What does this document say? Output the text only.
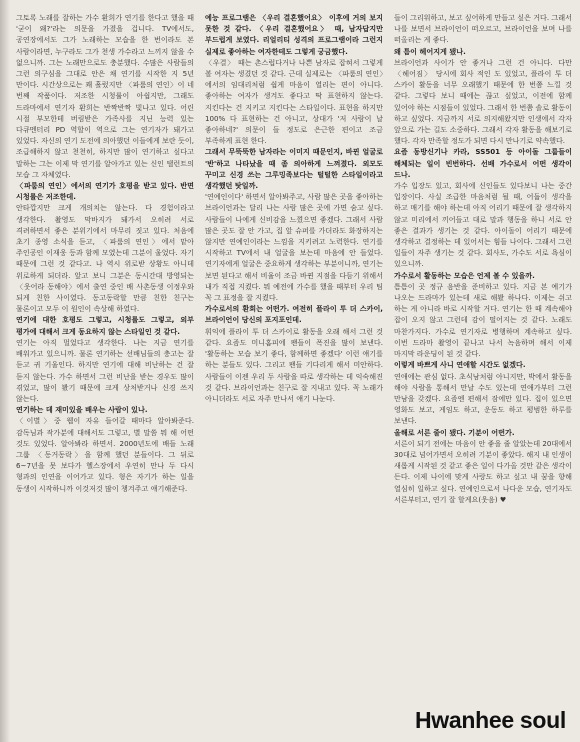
그토록 노래를 잘하는 가수 환희가 연기를 한다고 했을 때 '굳이 왜?'라는 의문을 가졌을 겁니다. TV에서도, 공연장에서도 그가 노래하는 모습을 한 번이라도 본 사람이라면, 누구라도 그가 천생 가수라고 느끼지 않을 수 없으니까. 그는 노래만으로도 충분했다. 수많은 사람들의 그런 의구심을 그대로 안은 채 연기를 시작한 지 5년 만이다. 시간상으로는 꽤 흘렀지만 〈파룸의 연인〉이 네 번째 작품이다. 저조한 시청률이 아쉽지만, 그래도 드라마에서 연기자 환희는 반짝반짝 빛나고 있다. 어린 시절 부모한테 버림받은 가족사를 지닌 능력 있는 다큐멘터리 PD 역할이 역으로 그는 연기자가 돼가고 있었다. 자신의 연기 도전에 의아했던 이들에게 보란 듯이, 조급해하지 않고 천천히, 하지만 많이 연기하고 싶다고 말하는 그는 이제 막 연기를 알아가고 있는 신인 탤런트의 모습 그 자체였다.

〈파룸의 연인〉에서의 연기가 호평을 받고 있다. 반면 시청률은 저조한데.

안타깝지만 크게 개의치는 않는다. 다 경험이라고 생각한다. 촬영도 막바지가 돼가서 오히려 서로 격려하면서 좋은 분위기에서 마무리 짓고 있다. 처음에 초기 종영 소식을 듣고, 〈파룸의 연인〉에서 맡아 주인공인 이재웅 등과 함께 모였는데 그분이 울었다. 자기 때문에 그런 것 같다고. 나 역시 위로받 상황도 아니데 위로하게 되더라. 앞고 보니 그분은 동시간대 방영되는 〈웃어라 동해야〉에서 출연 중인 배 사촌동생 이정우와 되게 친한 사이였다. 동고동락할 만큼 친한 친구는 물론이고 모두 이 원인이 속상해 하였다.

연기에 대한 호평도 그렇고, 시청률도 그렇고, 외부 평가에 대해서 크게 동요하지 않는 스타일인 것 같다.

연기는 아직 멀었다고 생각한다. 나는 지금 연기를 배워가고 있으니까. 물론 연기하는 선배님들의 충고는 잘 듣고 귀 기울인다. 하지만 연기에 대해 비난하는 건 잘 듣지 않는다. 가수 하면서 그런 비난을 받는 경우도 많이 겪었고, 많이 봤기 때문에 크게 상처받거나 신경 쓰지 않는다.

연기하는 데 재미있을 배우는 사람이 있나.

〈이별〉중 웹이 자유 들어갈 때마다 알아봐준다. 감독님과 작가분에 대해서도 그렇고, 별 말씀 뭐 해 어떤 것도 있었다. 알아봐라 하면서. 2000년도에 배들 노래 그룹 〈동거동락〉을 함께 했던 분들이다. 그 뒤로 6~7년을 못 보다가 헬스장에서 우연히 만나 두 다시 형과의 인연을 이어가고 있다. 형은 자기가 하는 일을 동생이 시작하니까 이것저것 많이 챙겨주고 얘기해준다.

예능 프로그램은 〈우리 결혼했어요〉 이후에 거의 보지 못한 것 같다. 〈우리 결혼했어요〉 때, 남자답지만 부드럽게 보였다. 리얼리티 성격의 프로그램이라 그런지 실제로 좋아하는 여자한테도 그렇게 궁금했다.

〈우결〉 때는 촌스럽다거나 나쁜 남자로 잡혀서 그렇게 볼 여자는 생겼던 것 같다. 근데 실제로는 〈파룸의 연인〉에서의 임대리처럼 쉽게 마음이 열리는 편이 아니다. 좋아하는 여자가 생겨도 좋다고 딱 표현하지 않는다. 지킨다는 건 지키고 지킨다는 스타일이다. 표현을 하지만 100% 다 표현하는 건 아니고, 상대가 '저 사람이 날 좋아하네?' 의문이 들 정도로 은근한 편이고 조금 부족하게 표현 한다.

그래서 무뚝뚝한 남자라는 이미지 때문인지, 바뀐 얼굴로 '반'하고 나타났을 때 좀 의아하게 느껴졌다. 외모도 꾸미고 신경 쓰는 그루밍족보다는 털털한 스타일이라고 생각했던 탓일까.

'연예인이다' 하면서 알아봐주고, 사람 많은 곳을 좋아하는 브라이언과는 달리 나는 사람 많은 곳에 가면 숨고 싶다. 사람들이 나에게 신비감을 느꼈으면 좋겠다. 그래서 사람 많은 곳도 잘 안 가고, 집 앞 슈퍼를 가더라도 화장하지는 않지만 연예인이라는 느낌을 지키려고 노력한다. 연기를 시작하고 TV에서 내 얼굴을 보는데 마음에 안 들었다. 연기자에게 얼굴은 중요하게 생각하는 부분이니까, 연기는 보면 된다고 해서 비율이 조금 바뀐 지점을 다듬기 위해서 내가 직접 지켰다. 뭐 예전에 가수를 했을 때부터 우리 팀 꼭 그 표정을 잘 지켰다.

가수로서의 환희는 어떤가. 여전히 플라이 투 더 스카이, 브라이언이 당신의 포지포인데.

휘익에 플라이 투 더 스카이로 활동을 오래 해서 그런 것 같다. 요즘도 미니홈피에 팬들이 폭진을 많이 보낸다. '활동하는 모습 보기 좋다, 함께하면 좋겠다' 이런 얘기를 하는 분들도 있다. 그리고 팬들 기다리게 해서 미안하다. 사람들이 이젠 우리 두 사람을 따로 생각하는 데 익숙해진 것 같다. 브라이언과는 친구로 잘 지내고 있다. 꼭 노래가 아니더라도 서로 자주 만나서 얘기 나눈다.

들이 그리워하고, 보고 싶어하게 만들고 싶은 거다. 그래서 나를 보면서 브라이언이 떠오르고, 브라이언을 보며 나를 떠올리는 게 좋다.

왜 틈이 헤어지게 됐나.

브라이언과 사이가 안 좋거나 그런 건 아니다. 다만 〈헤어짐〉 당시에 회사 적인 도 있었고, 플라이 투 더 스카이 활동을 너무 오래했기 때문에 한 번쯤 느낄 것 같다. 그렇다 보니 때에는 끊고 싶었고, 이전에 함께 있어야 하는 시점들이 있었다. 그래서 한 번쯤 솔로 활동이 하고 싶었다. 지금까지 서로 의지해왔지만 인생에서 각자 앞으로 가는 길도 소중하다. 그래서 각자 활동을 해보기로 했다. 각자 만족할 정도가 되면 다시 만나기로 약속했다.

요즘 동방신기나 카라, SS501 등 아이돌 그룹들이 해체되는 일이 빈번하다. 선배 가수로서 어떤 생각이 드나.

가수 입장도 있고, 회사에 신인들도 있다보니 나는 중간 입장이다. 사실 조급한 마음처럼 될 때, 어둡이 생각을 하고 매기를 해야 하는데 아직 어리기 때문에 잘 생각하지 않고 미리에서 끼어들고 대로 말과 행동을 하니 서로 안 좋은 결과가 생기는 것 같다. 아이돌이 어리기 때문에 생각하고 결정하는 데 있어서는 힘들 나이다. 그래서 그런 일들이 자주 생기는 것 같다. 회사도, 가수도 서로 욕심이 있으니까.

가수로서 활동하는 모습은 언제 볼 수 있을까.

틈틈이 곳 정규 음반을 준비하고 있다. 지금 본 예기가 나오는 드라마가 있는데 새로 해봤 하나다. 이제는 쉬고 하는 게 아니라 바로 시작할 거다. 연기는 한 때 계속해야 잡이 오지 않고 그런데 감이 떨어지는 것 같다. 노래도 마찬가지다. 가수로 연기자로 병행하며 계속하고 싶다. 이번 드라마 촬영이 끝나고 나서 녹음하며 해서 이제 마지막 라운딩이 된 것 같다.

이렇게 바쁘게 사니 연애할 시간도 없겠다.

연애에는 관심 없다. 초식남처럼 아니지만, 박에서 활동을 해야 사람을 통해서 만날 수도 있는데 연애가부터 그런 만남을 갖겠다. 요즘엔 편해서 잠에만 있다. 집이 있으면 영화도 보고, 게임도 하고, 운동도 하고 평범한 하루를 보낸다.

올해로 서른 줄이 됐다. 기분이 어떤가.

서른이 되기 전에는 마음이 안 좋을 줄 알았는데 20대에서 30대로 넘어가면서 오히려 기분이 좋았다. 해지 내 인생이 새롭게 시작된 것 같고 좋은 일이 다가올 것만 같은 생각이 든다. 이제 나이에 맞게 사랑도 하고 싶고 내 꿈을 향해 열심히 일하고 싶다. 연예인으로서 나다운 모습, 연기자도 서른부터고, 연기 잘 할게요(웃음) ♥

Hwanhee soul
